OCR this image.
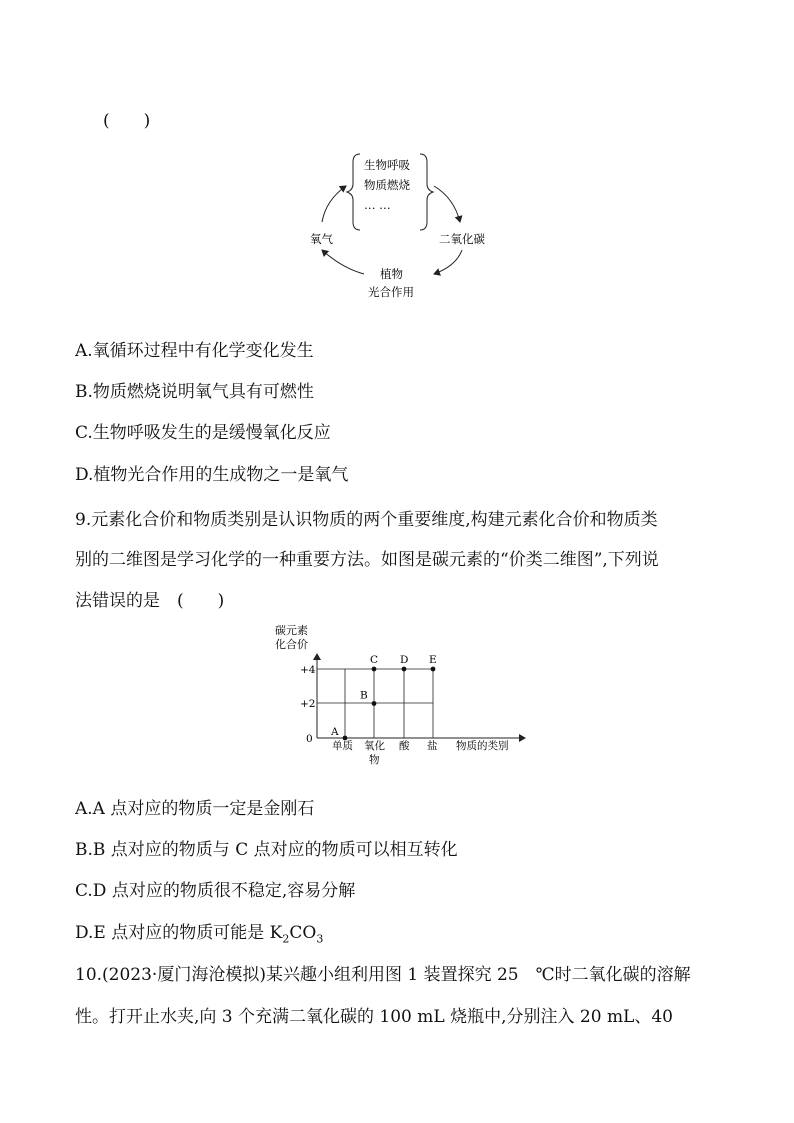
(　　)
生物呼吸
物质燃烧
… …
氧气	二氧化碳
植物
光合作用
A.氧循环过程中有化学变化发生
B.物质燃烧说明氧气具有可燃性
C.生物呼吸发生的是缓慢氧化反应
D.植物光合作用的生成物之一是氧气
9.元素化合价和物质类别是认识物质的两个重要维度,构建元素化合价和物质类
别的二维图是学习化学的一种重要方法。如图是碳元素的“价类二维图”,下列说
法错误的是　(　　)
碳元素
化合价
+4
+2
0
单质 氧化
物
酸 盐 物质的类别
A
B
C D E
A.A 点对应的物质一定是金刚石
B.B 点对应的物质与 C 点对应的物质可以相互转化
C.D 点对应的物质很不稳定,容易分解
D.E 点对应的物质可能是 $K_2CO_3$
10.(2023·厦门海沧模拟)某兴趣小组利用图 1 装置探究 25　℃时二氧化碳的溶解
性。打开止水夹,向 3 个充满二氧化碳的 100 mL 烧瓶中,分别注入 20 mL、40
